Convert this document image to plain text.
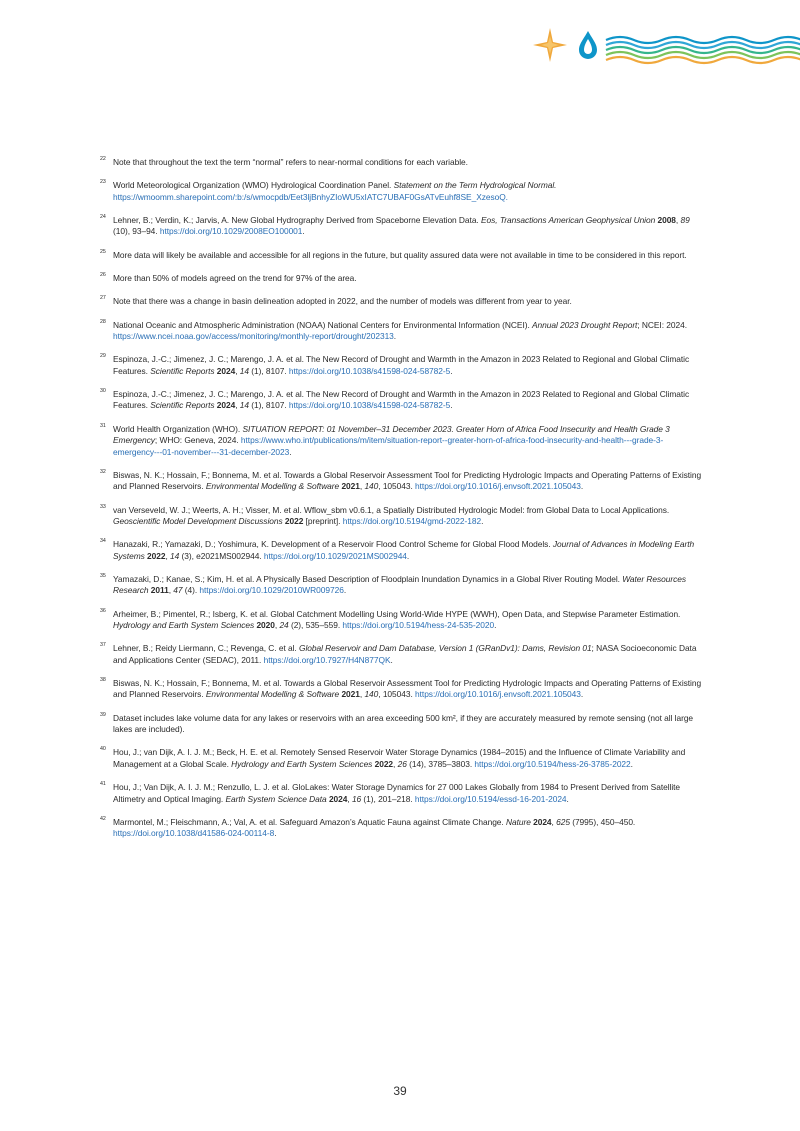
22 Note that throughout the text the term “normal” refers to near-normal conditions for each variable.
23 World Meteorological Organization (WMO) Hydrological Coordination Panel. Statement on the Term Hydrological Normal. https://wmoomm.sharepoint.com/:b:/s/wmocpdb/Eet3ljBnhyZIoWU5xIATC7UBAF0GsATvEuhf8SE_XzesoQ.
24 Lehner, B.; Verdin, K.; Jarvis, A. New Global Hydrography Derived from Spaceborne Elevation Data. Eos, Transactions American Geophysical Union 2008, 89 (10), 93–94. https://doi.org/10.1029/2008EO100001.
25 More data will likely be available and accessible for all regions in the future, but quality assured data were not available in time to be considered in this report.
26 More than 50% of models agreed on the trend for 97% of the area.
27 Note that there was a change in basin delineation adopted in 2022, and the number of models was different from year to year.
28 National Oceanic and Atmospheric Administration (NOAA) National Centers for Environmental Information (NCEI). Annual 2023 Drought Report; NCEI: 2024. https://www.ncei.noaa.gov/access/monitoring/monthly-report/drought/202313.
29 Espinoza, J.-C.; Jimenez, J. C.; Marengo, J. A. et al. The New Record of Drought and Warmth in the Amazon in 2023 Related to Regional and Global Climatic Features. Scientific Reports 2024, 14 (1), 8107. https://doi.org/10.1038/s41598-024-58782-5.
30 Espinoza, J.-C.; Jimenez, J. C.; Marengo, J. A. et al. The New Record of Drought and Warmth in the Amazon in 2023 Related to Regional and Global Climatic Features. Scientific Reports 2024, 14 (1), 8107. https://doi.org/10.1038/s41598-024-58782-5.
31 World Health Organization (WHO). SITUATION REPORT: 01 November–31 December 2023. Greater Horn of Africa Food Insecurity and Health Grade 3 Emergency; WHO: Geneva, 2024. https://www.who.int/publications/m/item/situation-report--greater-horn-of-africa-food-insecurity-and-health---grade-3-emergency---01-november---31-december-2023.
32 Biswas, N. K.; Hossain, F.; Bonnema, M. et al. Towards a Global Reservoir Assessment Tool for Predicting Hydrologic Impacts and Operating Patterns of Existing and Planned Reservoirs. Environmental Modelling & Software 2021, 140, 105043. https://doi.org/10.1016/j.envsoft.2021.105043.
33 van Verseveld, W. J.; Weerts, A. H.; Visser, M. et al. Wflow_sbm v0.6.1, a Spatially Distributed Hydrologic Model: from Global Data to Local Applications. Geoscientific Model Development Discussions 2022 [preprint]. https://doi.org/10.5194/gmd-2022-182.
34 Hanazaki, R.; Yamazaki, D.; Yoshimura, K. Development of a Reservoir Flood Control Scheme for Global Flood Models. Journal of Advances in Modeling Earth Systems 2022, 14 (3), e2021MS002944. https://doi.org/10.1029/2021MS002944.
35 Yamazaki, D.; Kanae, S.; Kim, H. et al. A Physically Based Description of Floodplain Inundation Dynamics in a Global River Routing Model. Water Resources Research 2011, 47 (4). https://doi.org/10.1029/2010WR009726.
36 Arheimer, B.; Pimentel, R.; Isberg, K. et al. Global Catchment Modelling Using World-Wide HYPE (WWH), Open Data, and Stepwise Parameter Estimation. Hydrology and Earth System Sciences 2020, 24 (2), 535–559. https://doi.org/10.5194/hess-24-535-2020.
37 Lehner, B.; Reidy Liermann, C.; Revenga, C. et al. Global Reservoir and Dam Database, Version 1 (GRanDv1): Dams, Revision 01; NASA Socioeconomic Data and Applications Center (SEDAC), 2011. https://doi.org/10.7927/H4N877QK.
38 Biswas, N. K.; Hossain, F.; Bonnema, M. et al. Towards a Global Reservoir Assessment Tool for Predicting Hydrologic Impacts and Operating Patterns of Existing and Planned Reservoirs. Environmental Modelling & Software 2021, 140, 105043. https://doi.org/10.1016/j.envsoft.2021.105043.
39 Dataset includes lake volume data for any lakes or reservoirs with an area exceeding 500 km², if they are accurately measured by remote sensing (not all large lakes are included).
40 Hou, J.; van Dijk, A. I. J. M.; Beck, H. E. et al. Remotely Sensed Reservoir Water Storage Dynamics (1984–2015) and the Influence of Climate Variability and Management at a Global Scale. Hydrology and Earth System Sciences 2022, 26 (14), 3785–3803. https://doi.org/10.5194/hess-26-3785-2022.
41 Hou, J.; Van Dijk, A. I. J. M.; Renzullo, L. J. et al. GloLakes: Water Storage Dynamics for 27 000 Lakes Globally from 1984 to Present Derived from Satellite Altimetry and Optical Imaging. Earth System Science Data 2024, 16 (1), 201–218. https://doi.org/10.5194/essd-16-201-2024.
42 Marmontel, M.; Fleischmann, A.; Val, A. et al. Safeguard Amazon’s Aquatic Fauna against Climate Change. Nature 2024, 625 (7995), 450–450. https://doi.org/10.1038/d41586-024-00114-8.
39
